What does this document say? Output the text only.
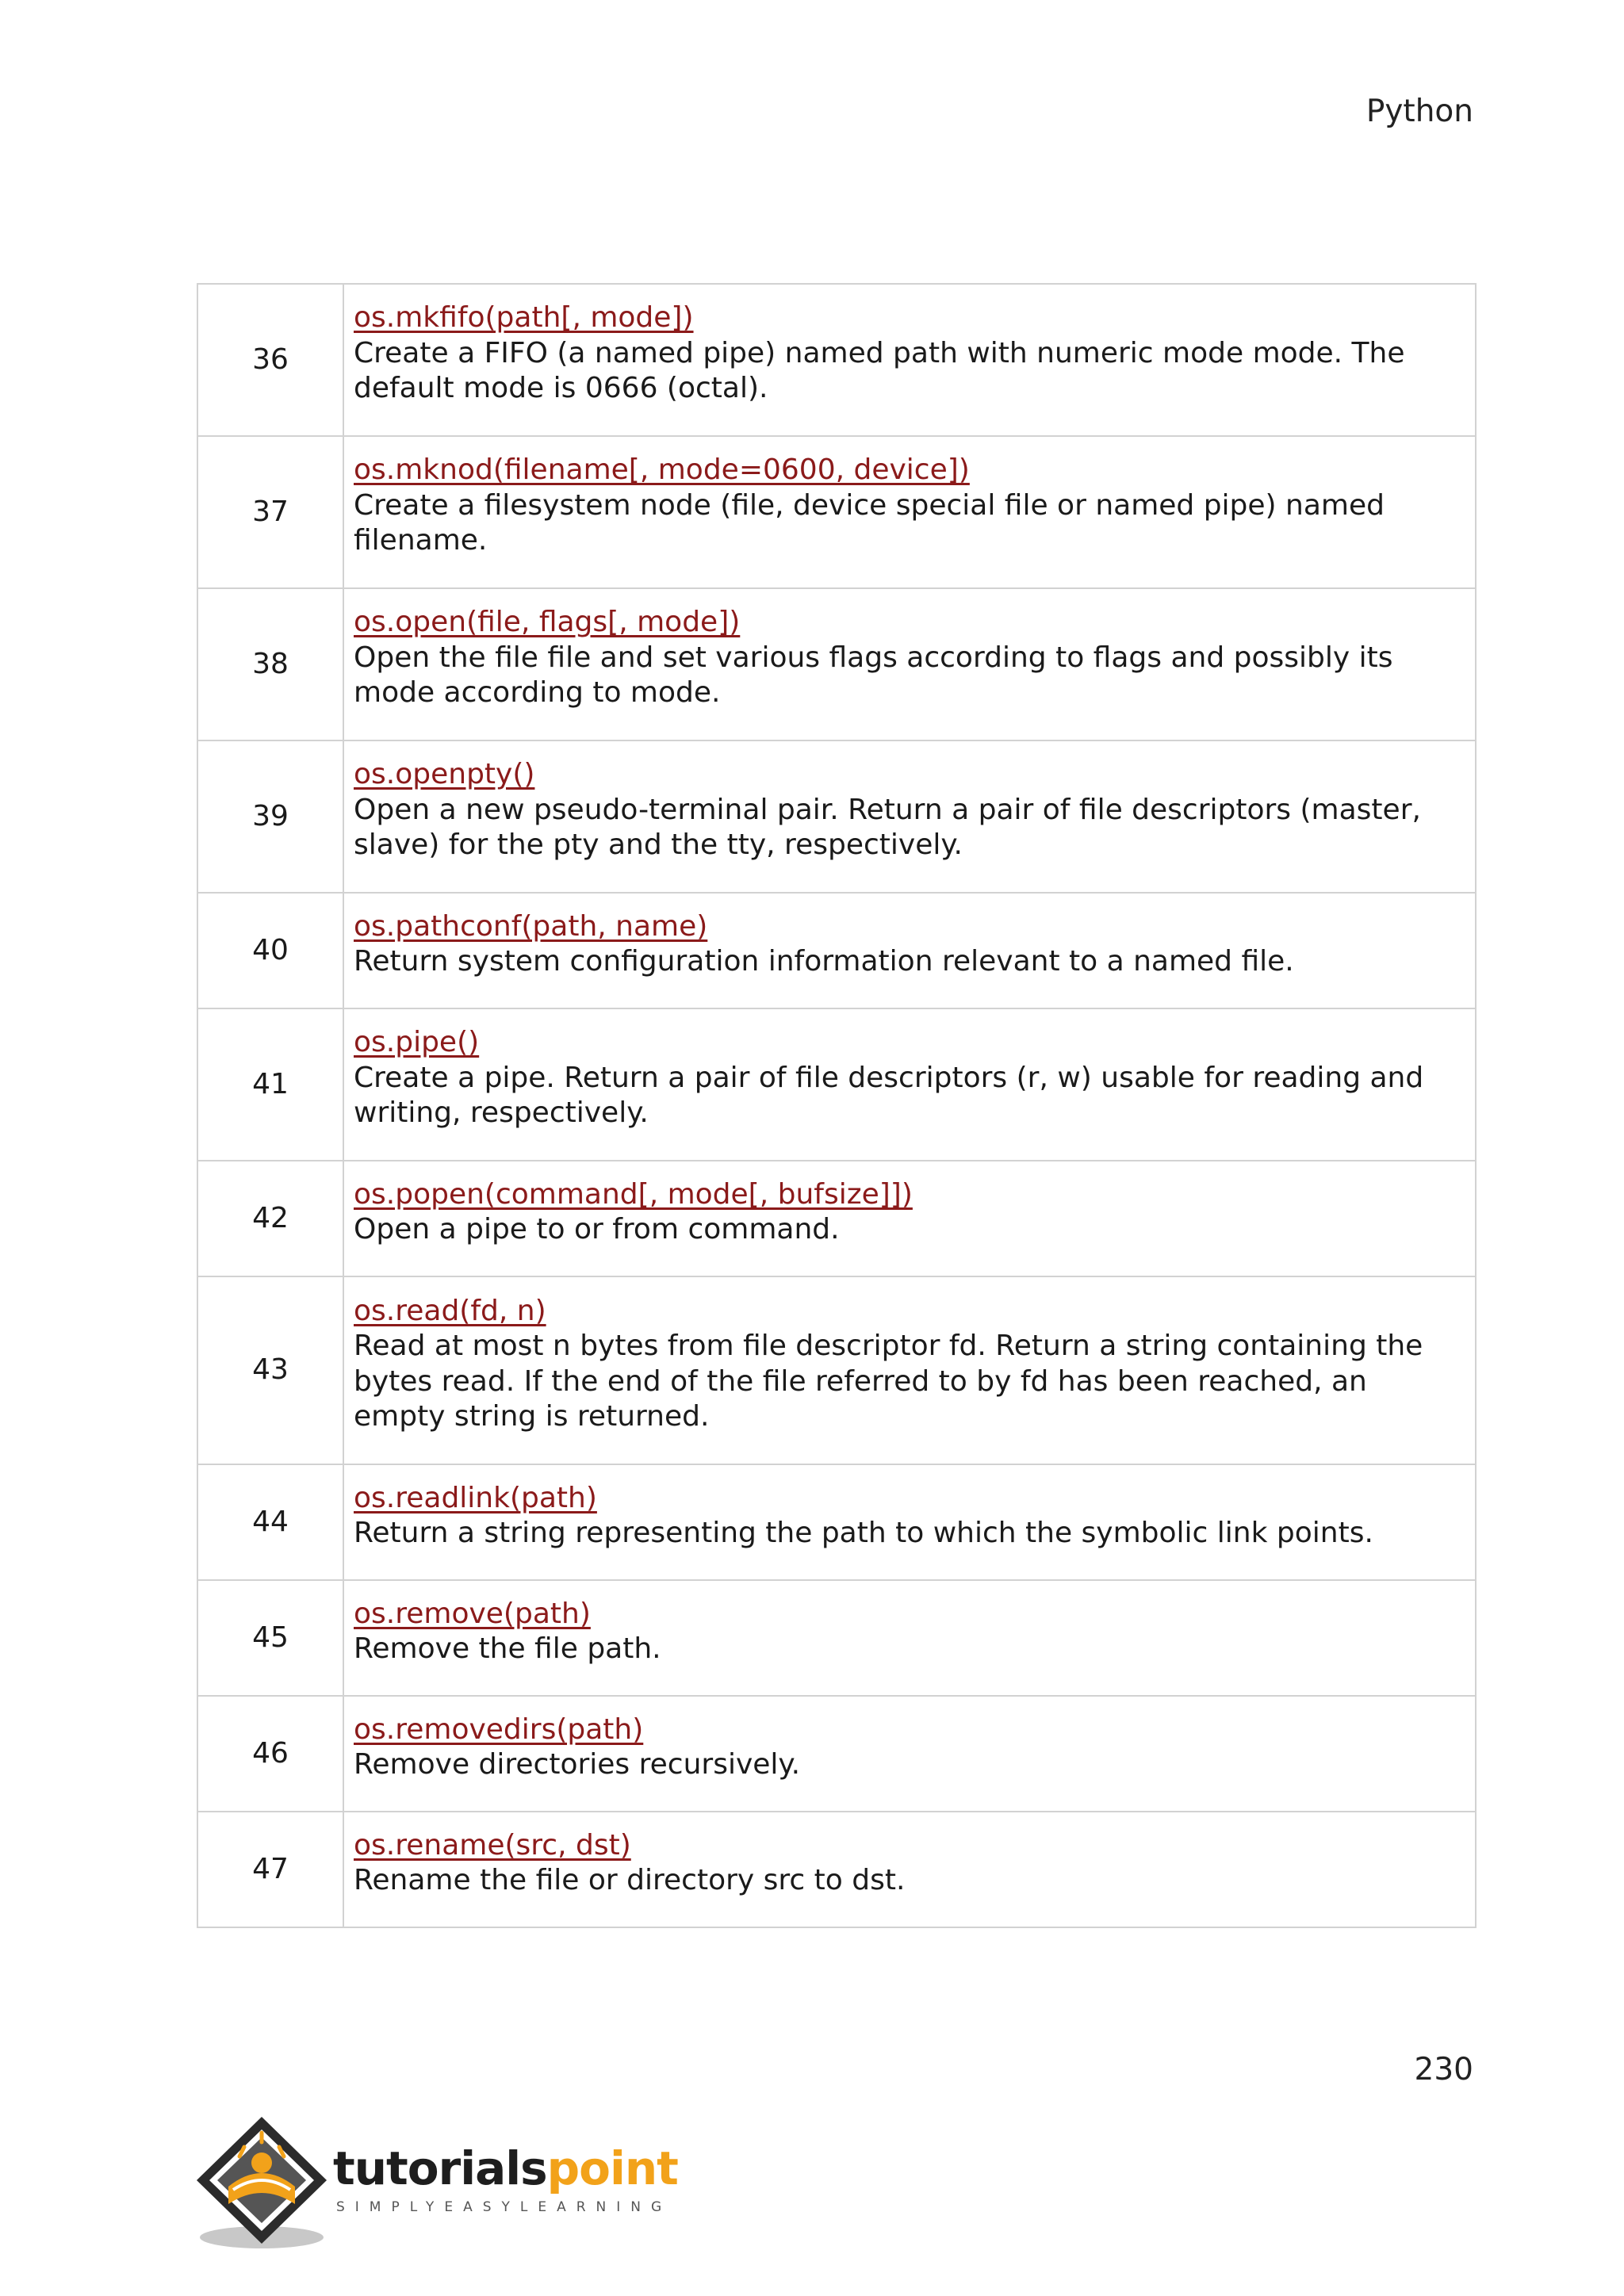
Python
36	os.mkfifo(path[, mode])
Create a FIFO (a named pipe) named path with numeric mode mode. The default mode is 0666 (octal).

37	os.mknod(filename[, mode=0600, device])
Create a filesystem node (file, device special file or named pipe) named filename.

38	os.open(file, flags[, mode])
Open the file file and set various flags according to flags and possibly its mode according to mode.

39	os.openpty()
Open a new pseudo-terminal pair. Return a pair of file descriptors (master, slave) for the pty and the tty, respectively.

40	os.pathconf(path, name)
Return system configuration information relevant to a named file.

41	os.pipe()
Create a pipe. Return a pair of file descriptors (r, w) usable for reading and writing, respectively.

42	os.popen(command[, mode[, bufsize]])
Open a pipe to or from command.

43	os.read(fd, n)
Read at most n bytes from file descriptor fd. Return a string containing the bytes read. If the end of the file referred to by fd has been reached, an empty string is returned.

44	os.readlink(path)
Return a string representing the path to which the symbolic link points.

45	os.remove(path)
Remove the file path.

46	os.removedirs(path)
Remove directories recursively.

47	os.rename(src, dst)
Rename the file or directory src to dst.
230
tutorialspoint
SIMPLYEASYLEARNING
